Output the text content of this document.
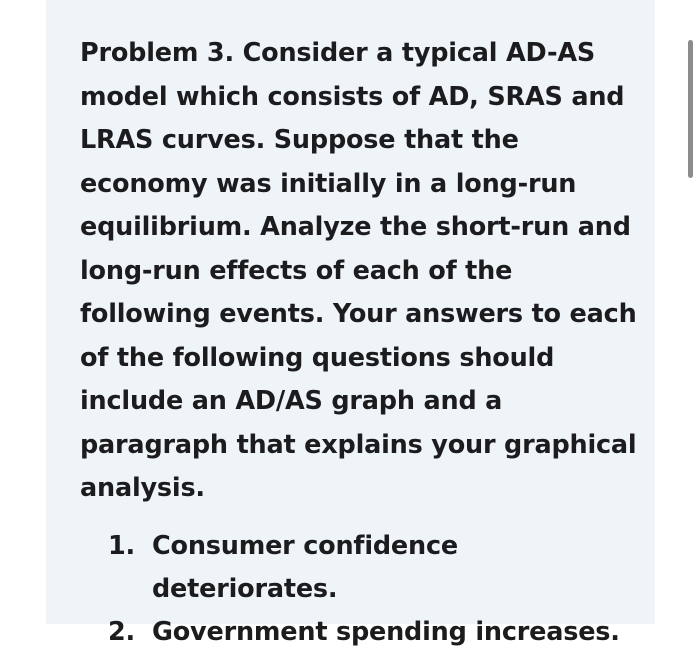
Problem 3. Consider a typical AD-AS model which consists of AD, SRAS and LRAS curves. Suppose that the economy was initially in a long-run equilibrium. Analyze the short-run and long-run effects of each of the following events. Your answers to each of the following questions should include an AD/AS graph and a paragraph that explains your graphical analysis.

1. Consumer confidence deteriorates.
2. Government spending increases.
